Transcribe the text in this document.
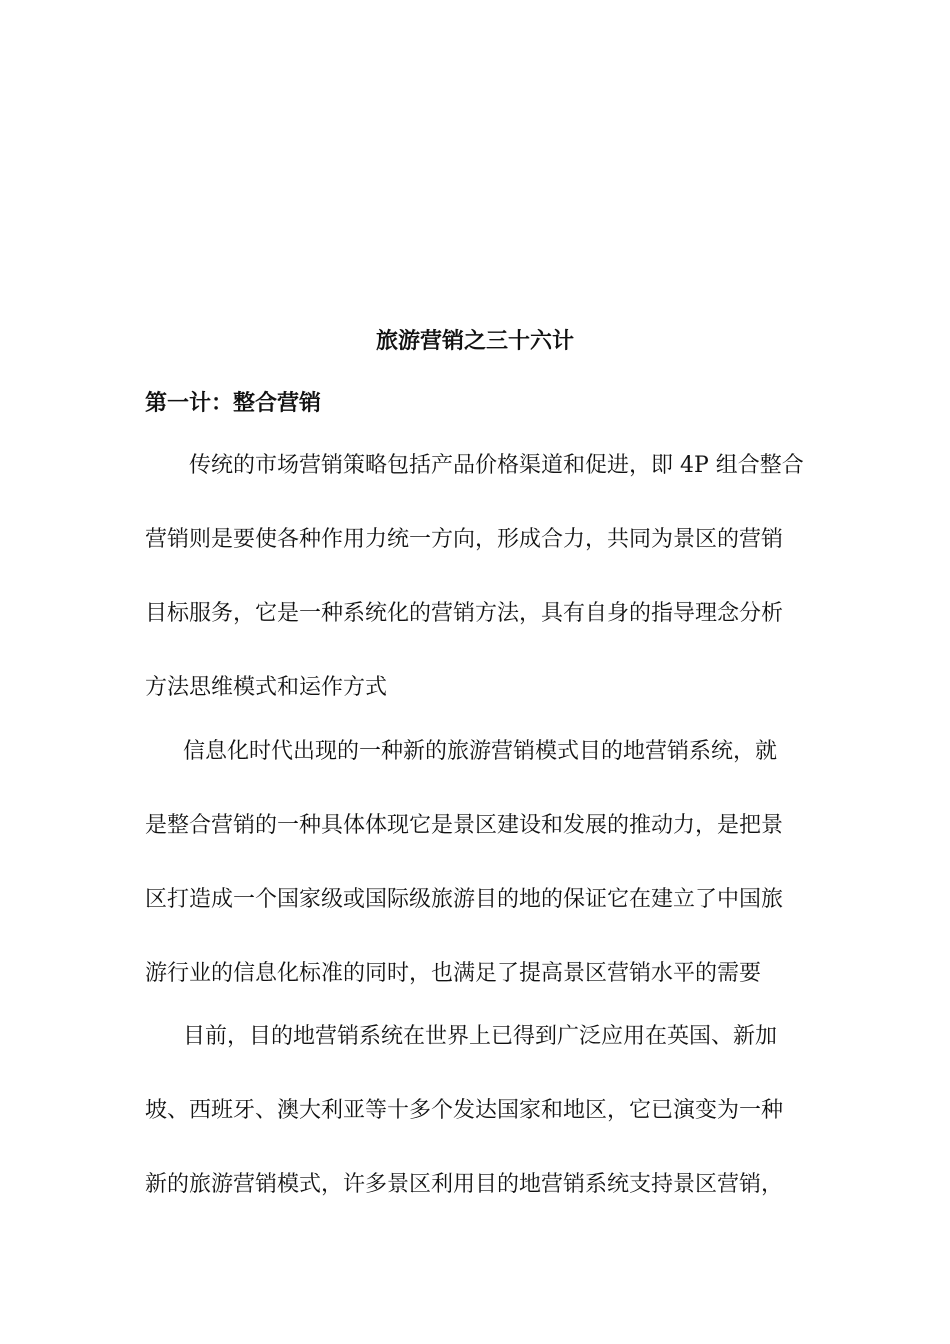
旅游营销之三十六计
第一计：整合营销
　传统的市场营销策略包括产品价格渠道和促进，即 4P 组合整合
营销则是要使各种作用力统一方向，形成合力，共同为景区的营销
目标服务，它是一种系统化的营销方法，具有自身的指导理念分析
方法思维模式和运作方式
　信息化时代出现的一种新的旅游营销模式目的地营销系统，就
是整合营销的一种具体体现它是景区建设和发展的推动力，是把景
区打造成一个国家级或国际级旅游目的地的保证它在建立了中国旅
游行业的信息化标准的同时，也满足了提高景区营销水平的需要
　目前，目的地营销系统在世界上已得到广泛应用在英国、新加
坡、西班牙、澳大利亚等十多个发达国家和地区，它已演变为一种
新的旅游营销模式，许多景区利用目的地营销系统支持景区营销，
